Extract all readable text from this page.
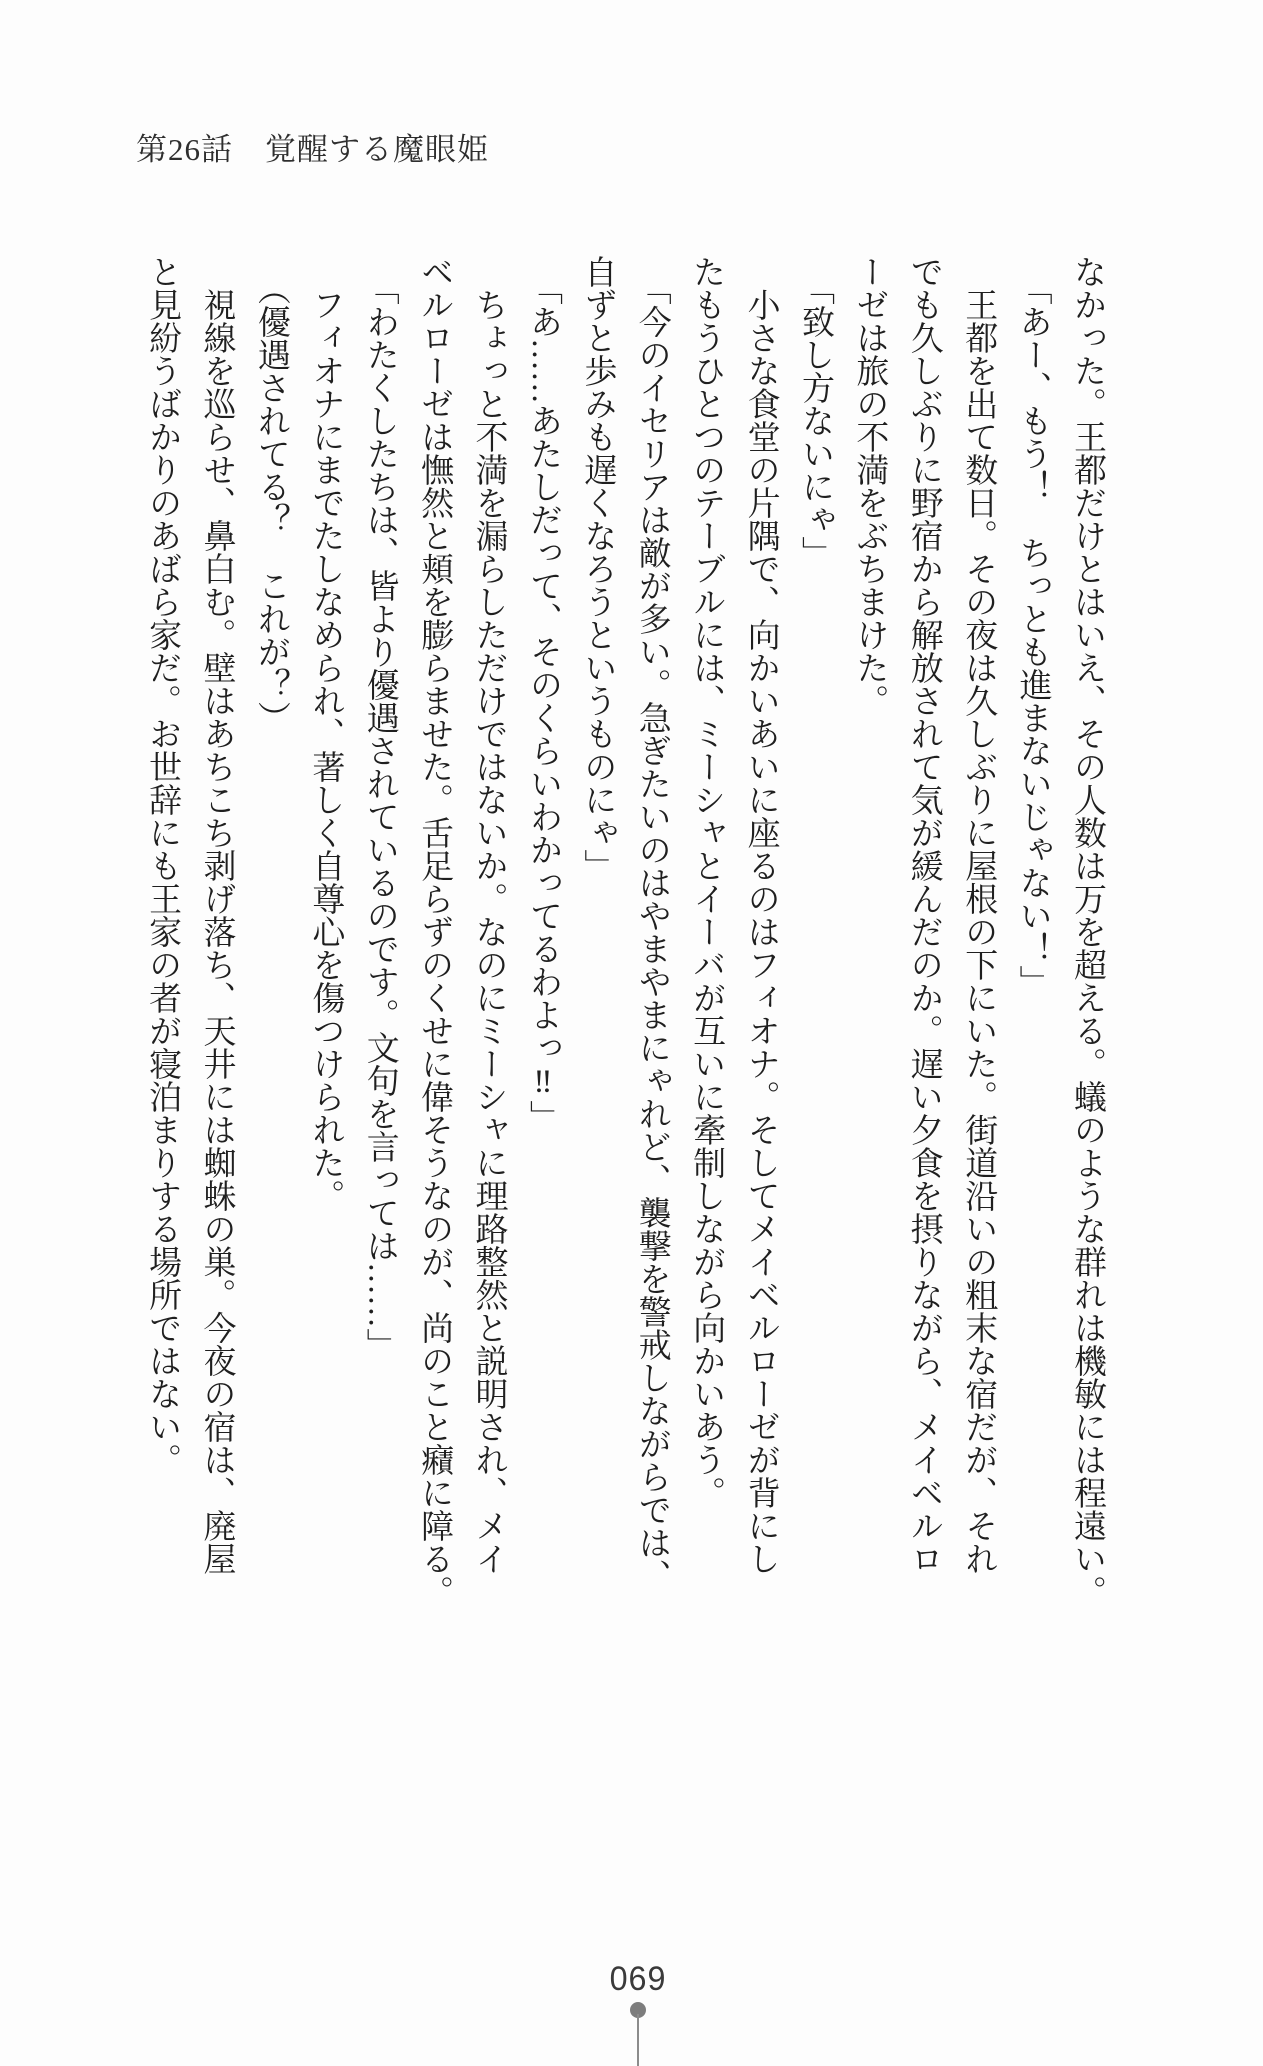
第26話　覚醒する魔眼姫

なかった。王都だけとはいえ、その人数は万を超える。蟻のような群れは機敏には程遠い。

「あー、もう！　ちっとも進まないじゃない！」

王都を出て数日。その夜は久しぶりに屋根の下にいた。街道沿いの粗末な宿だが、それ

でも久しぶりに野宿から解放されて気が緩んだのか。遅い夕食を摂りながら、メイベルロ

ーゼは旅の不満をぶちまけた。

「致し方ないにゃ」

小さな食堂の片隅で、向かいあいに座るのはフィオナ。そしてメイベルローゼが背にし

たもうひとつのテーブルには、ミーシャとイーバが互いに牽制しながら向かいあう。

「今のイセリアは敵が多い。急ぎたいのはやまやまにゃれど、襲撃を警戒しながらでは、

自ずと歩みも遅くなろうというものにゃ」

「あ……あたしだって、そのくらいわかってるわよっ‼」

ちょっと不満を漏らしただけではないか。なのにミーシャに理路整然と説明され、メイ

ベルローゼは憮然と頬を膨らませた。舌足らずのくせに偉そうなのが、尚のこと癪に障る。

「わたくしたちは、皆より優遇されているのです。文句を言っては……」

フィオナにまでたしなめられ、著しく自尊心を傷つけられた。

（優遇されてる？　これが？）

視線を巡らせ、鼻白む。壁はあちこち剥げ落ち、天井には蜘蛛の巣。今夜の宿は、廃屋

と見紛うばかりのあばら家だ。お世辞にも王家の者が寝泊まりする場所ではない。

069
